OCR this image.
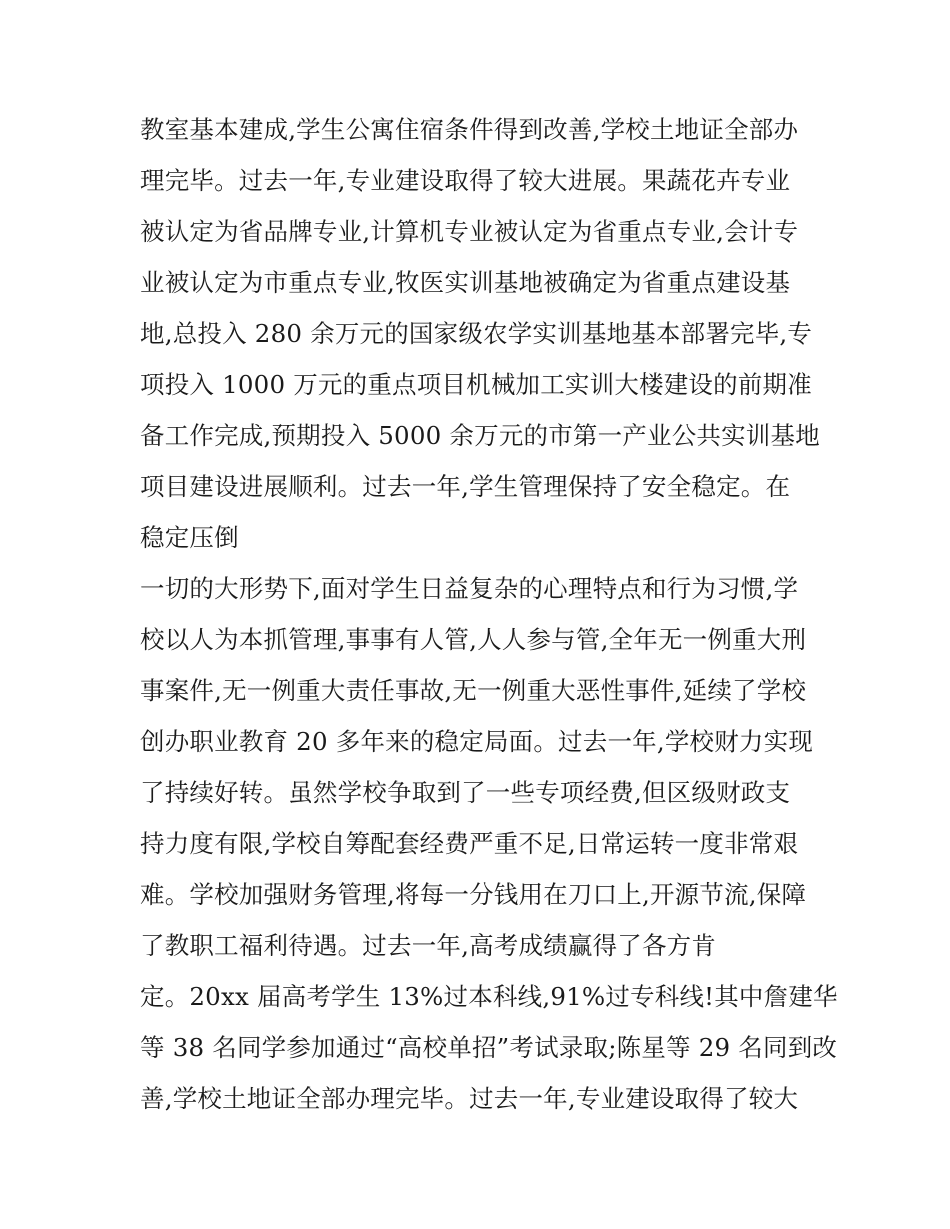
教室基本建成,学生公寓住宿条件得到改善,学校土地证全部办
理完毕。过去一年,专业建设取得了较大进展。果蔬花卉专业
被认定为省品牌专业,计算机专业被认定为省重点专业,会计专
业被认定为市重点专业,牧医实训基地被确定为省重点建设基
地,总投入 280 余万元的国家级农学实训基地基本部署完毕,专
项投入 1000 万元的重点项目机械加工实训大楼建设的前期准
备工作完成,预期投入 5000 余万元的市第一产业公共实训基地
项目建设进展顺利。过去一年,学生管理保持了安全稳定。在
稳定压倒
一切的大形势下,面对学生日益复杂的心理特点和行为习惯,学
校以人为本抓管理,事事有人管,人人参与管,全年无一例重大刑
事案件,无一例重大责任事故,无一例重大恶性事件,延续了学校
创办职业教育 20 多年来的稳定局面。过去一年,学校财力实现
了持续好转。虽然学校争取到了一些专项经费,但区级财政支
持力度有限,学校自筹配套经费严重不足,日常运转一度非常艰
难。学校加强财务管理,将每一分钱用在刀口上,开源节流,保障
了教职工福利待遇。过去一年,高考成绩赢得了各方肯
定。20xx 届高考学生 13%过本科线,91%过专科线!其中詹建华
等 38 名同学参加通过“高校单招”考试录取;陈星等 29 名同到改
善,学校土地证全部办理完毕。过去一年,专业建设取得了较大
